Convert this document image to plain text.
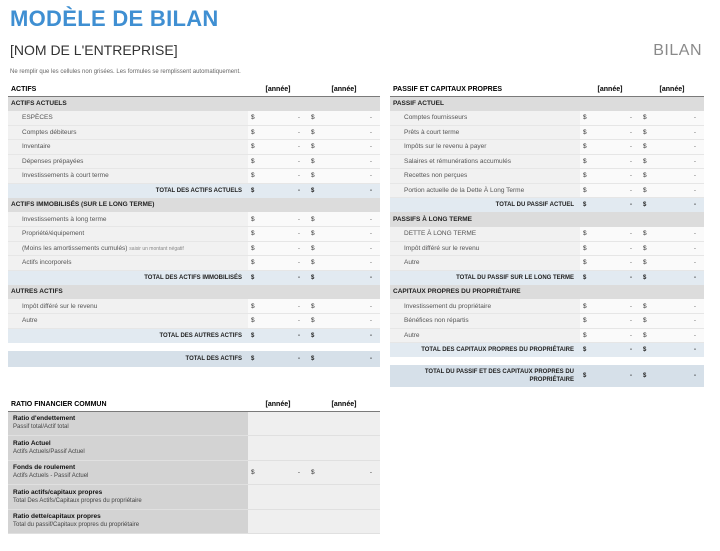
MODÈLE DE BILAN
[NOM DE L'ENTREPRISE]	BILAN
Ne remplir que les cellules non grisées. Les formules se remplissent automatiquement.
ACTIFS	[année]		[année]	
ACTIFS ACTUELS				
ESPÈCES	$	-	$	-
Comptes débiteurs	$	-	$	-
Inventaire	$	-	$	-
Dépenses prépayées	$	-	$	-
Investissements à court terme	$	-	$	-
TOTAL DES ACTIFS ACTUELS	$	-	$	-
ACTIFS IMMOBILISÉS (SUR LE LONG TERME)				
Investissements à long terme	$	-	$	-
Propriété/équipement	$	-	$	-
(Moins les amortissements cumulés) saisir un montant négatif	$	-	$	-
Actifs incorporels	$	-	$	-
TOTAL DES ACTIFS IMMOBILISÉS	$	-	$	-
AUTRES ACTIFS				
Impôt différé sur le revenu	$	-	$	-
Autre	$	-	$	-
TOTAL DES AUTRES ACTIFS	$	-	$	-

TOTAL DES ACTIFS	$	-	$	-
PASSIF ET CAPITAUX PROPRES	[année]		[année]	
PASSIF ACTUEL				
Comptes fournisseurs	$	-	$	-
Prêts à court terme	$	-	$	-
Impôts sur le revenu à payer	$	-	$	-
Salaires et rémunérations accumulés	$	-	$	-
Recettes non perçues	$	-	$	-
Portion actuelle de la Dette À Long Terme	$	-	$	-
TOTAL DU PASSIF ACTUEL	$	-	$	-
PASSIFS À LONG TERME				
DETTE À LONG TERME	$	-	$	-
Impôt différé sur le revenu	$	-	$	-
Autre	$	-	$	-
TOTAL DU PASSIF SUR LE LONG TERME	$	-	$	-
CAPITAUX PROPRES DU PROPRIÉTAIRE				
Investissement du propriétaire	$	-	$	-
Bénéfices non répartis	$	-	$	-
Autre	$	-	$	-
TOTAL DES CAPITAUX PROPRES DU PROPRIÉTAIRE	$	-	$	-

TOTAL DU PASSIF ET DES CAPITAUX PROPRES DU PROPRIÉTAIRE	$	-	$	-
RATIO FINANCIER COMMUN	[année]		[année]	

Ratio d'endettement
Passif total/Actif total				

Ratio Actuel
Actifs Actuels/Passif Actuel				

Fonds de roulement
Actifs Actuels - Passif Actuel	$	-	$	-

Ratio actifs/capitaux propres
Total Des Actifs/Capitaux propres du propriétaire				

Ratio dette/capitaux propres
Total du passif/Capitaux propres du propriétaire				
